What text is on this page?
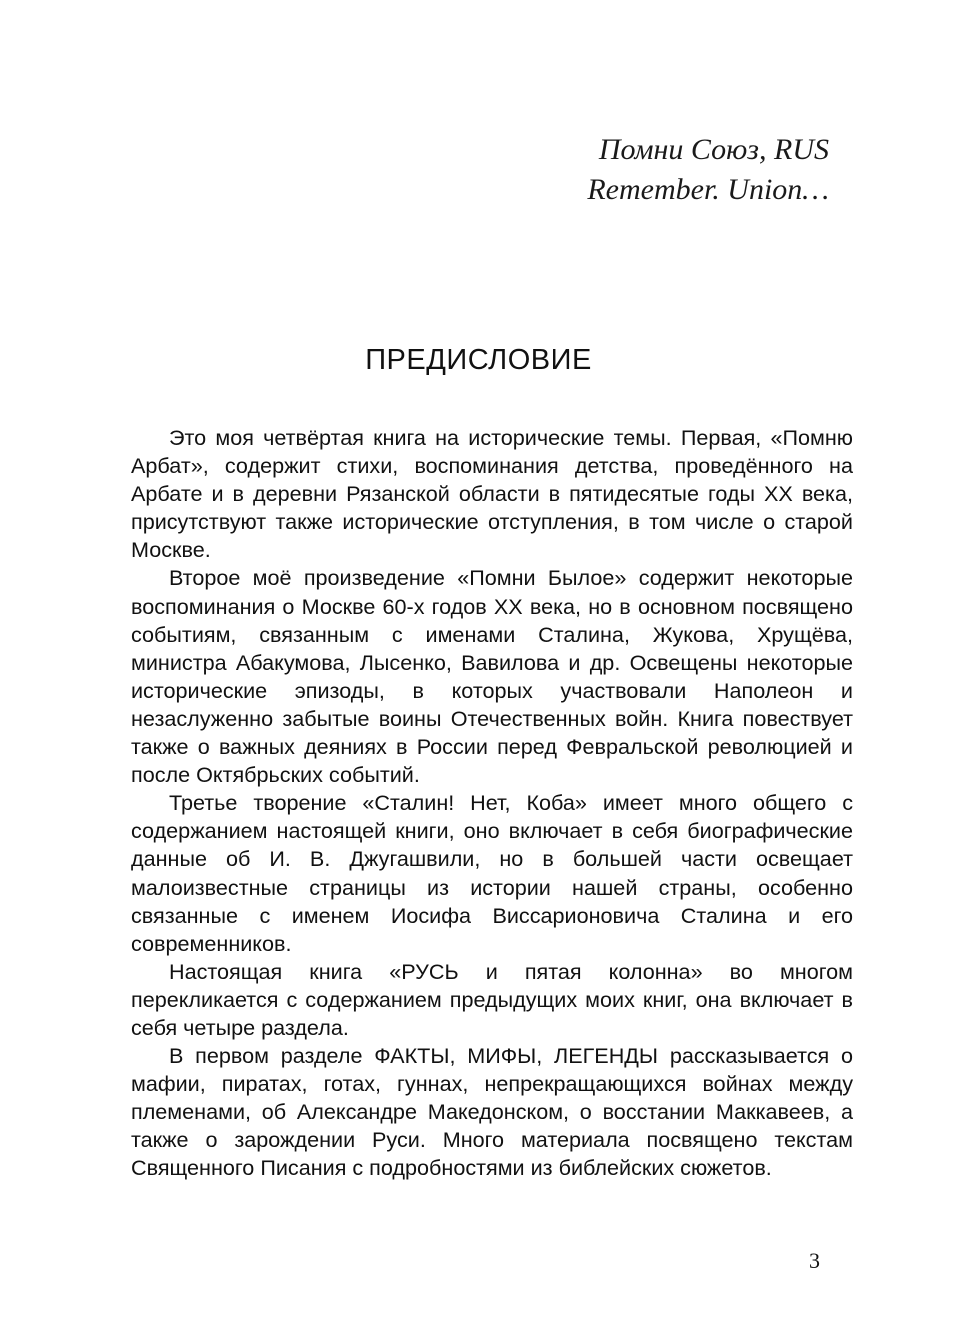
Помни Союз, RUS
Remember. Union…
ПРЕДИСЛОВИЕ

Это моя четвёртая книга на исторические темы. Первая, «Помню Арбат», содержит стихи, воспоминания детства, проведённого на Арбате и в деревни Рязанской области в пятидесятые годы XX века, присутствуют также исторические отступления, в том числе о старой Москве.

Второе моё произведение «Помни Былое» содержит некоторые воспоминания о Москве 60-х годов XX века, но в основном посвящено событиям, связанным с именами Сталина, Жукова, Хрущёва, министра Абакумова, Лысенко, Вавилова и др. Освещены некоторые исторические эпизоды, в которых участвовали Наполеон и незаслуженно забытые воины Отечественных войн. Книга повествует также о важных деяниях в России перед Февральской революцией и после Октябрьских событий.

Третье творение «Сталин! Нет, Коба» имеет много общего с содержанием настоящей книги, оно включает в себя биографические данные об И. В. Джугашвили, но в большей части освещает малоизвестные страницы из истории нашей страны, особенно связанные с именем Иосифа Виссарионовича Сталина и его современников.

Настоящая книга «РУСЬ и пятая колонна» во многом перекликается с содержанием предыдущих моих книг, она включает в себя четыре раздела.

В первом разделе ФАКТЫ, МИФЫ, ЛЕГЕНДЫ рассказывается о мафии, пиратах, готах, гуннах, непрекращающихся войнах между племенами, об Александре Македонском, о восстании Маккавеев, а также о зарождении Руси. Много материала посвящено текстам Священного Писания с подробностями из библейских сюжетов.

3
